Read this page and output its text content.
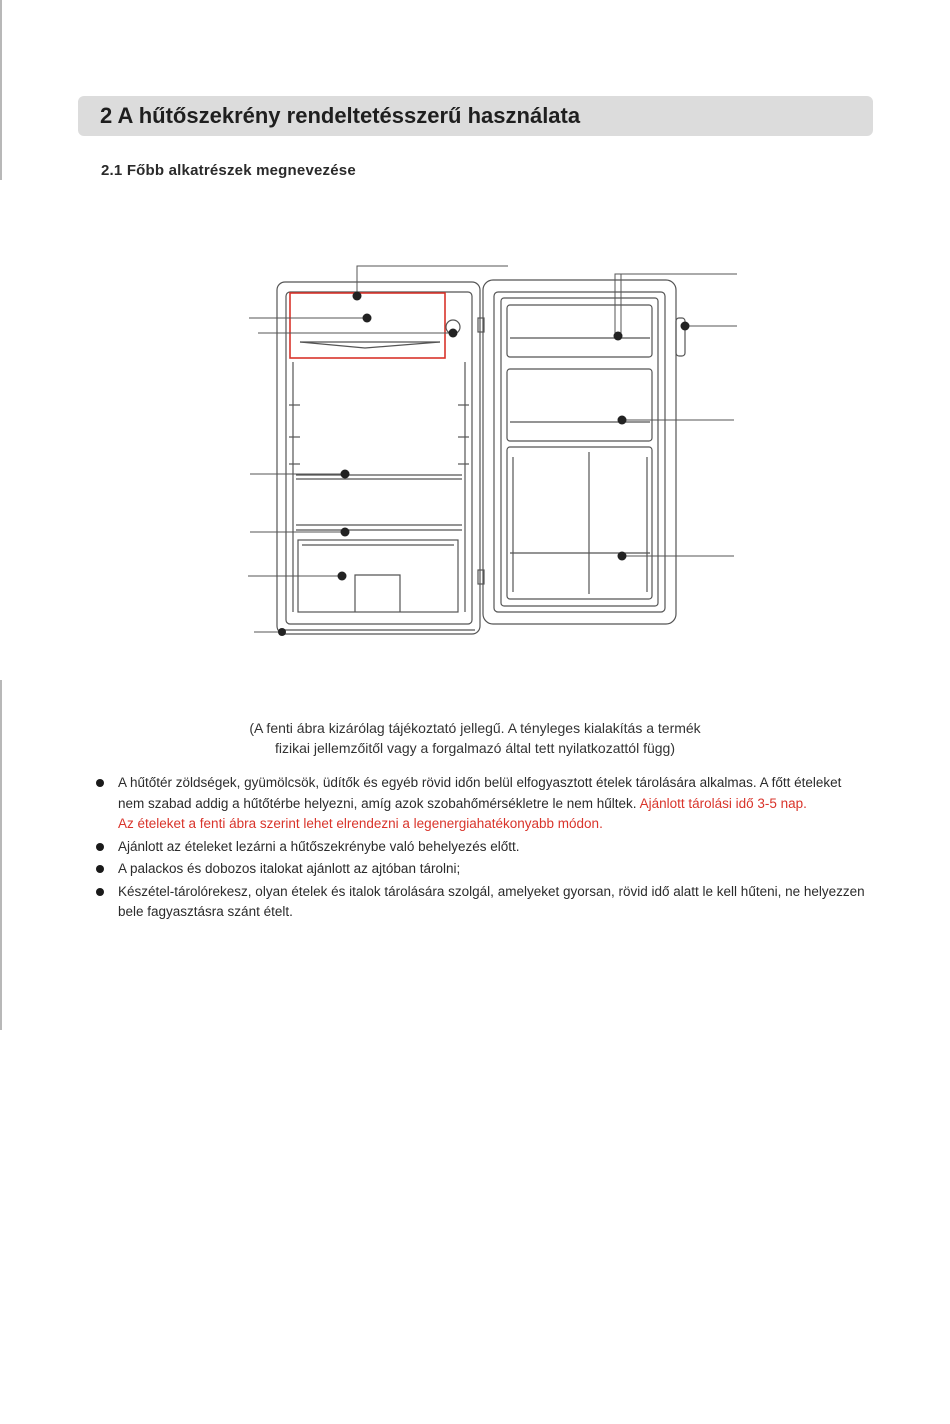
2 A hűtőszekrény rendeltetésszerű használata
2.1 Főbb alkatrészek megnevezése
(A fenti ábra kizárólag tájékoztató jellegű. A tényleges kialakítás a termék
fizikai jellemzőitől vagy a forgalmazó által tett nyilatkozattól függ)
A hűtőtér zöldségek, gyümölcsök, üdítők és egyéb rövid időn belül elfogyasztott ételek tárolására alkalmas. A főtt ételeket nem szabad addig a hűtőtérbe helyezni, amíg azok szobahőmérsékletre le nem hűltek. Ajánlott tárolási idő 3-5 nap.
Az ételeket a fenti ábra szerint lehet elrendezni a legenergiahatékonyabb módon.
Ajánlott az ételeket lezárni a hűtőszekrénybe való behelyezés előtt.
A palackos és dobozos italokat ajánlott az ajtóban tárolni;
Készétel-tárolórekesz, olyan ételek és italok tárolására szolgál, amelyeket gyorsan, rövid idő alatt le kell hűteni, ne helyezzen bele fagyasztásra szánt ételt.
